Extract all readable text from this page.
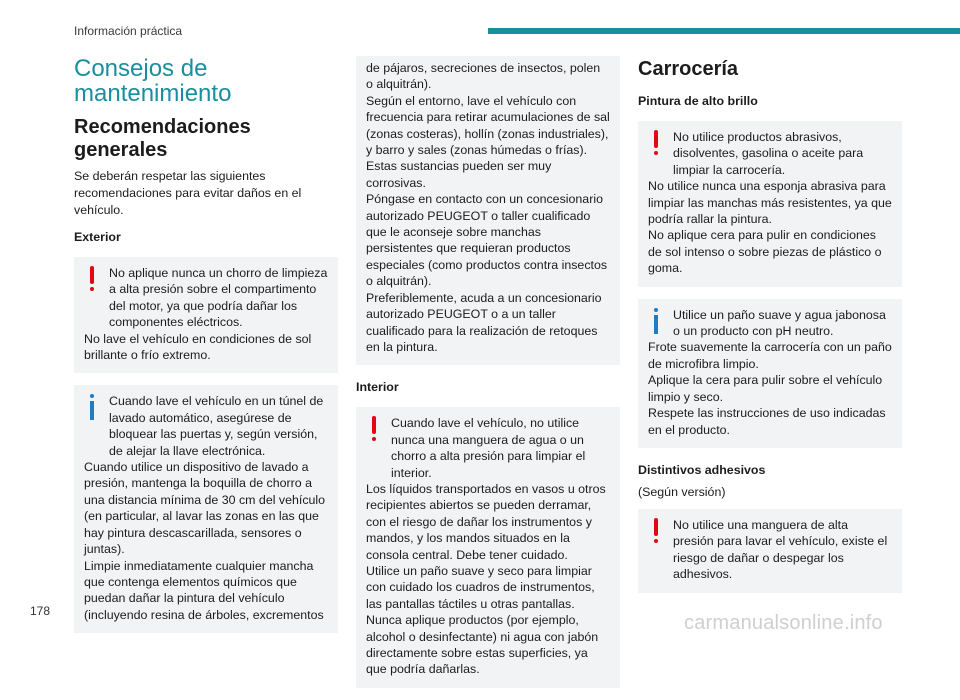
Información práctica
Consejos de mantenimiento
Recomendaciones generales

Se deberán respetar las siguientes recomendaciones para evitar daños en el vehículo.

Exterior

No aplique nunca un chorro de limpieza a alta presión sobre el compartimento del motor, ya que podría dañar los componentes eléctricos.

No lave el vehículo en condiciones de sol brillante o frío extremo.

Cuando lave el vehículo en un túnel de lavado automático, asegúrese de bloquear las puertas y, según versión, de alejar la llave electrónica.

Cuando utilice un dispositivo de lavado a presión, mantenga la boquilla de chorro a una distancia mínima de 30 cm del vehículo (en particular, al lavar las zonas en las que hay pintura descascarillada, sensores o juntas).

Limpie inmediatamente cualquier mancha que contenga elementos químicos que puedan dañar la pintura del vehículo (incluyendo resina de árboles, excrementos

de pájaros, secreciones de insectos, polen o alquitrán).

Según el entorno, lave el vehículo con frecuencia para retirar acumulaciones de sal (zonas costeras), hollín (zonas industriales), y barro y sales (zonas húmedas o frías). Estas sustancias pueden ser muy corrosivas.

Póngase en contacto con un concesionario autorizado PEUGEOT o taller cualificado que le aconseje sobre manchas persistentes que requieran productos especiales (como productos contra insectos o alquitrán).

Preferiblemente, acuda a un concesionario autorizado PEUGEOT o a un taller cualificado para la realización de retoques en la pintura.

Interior

Cuando lave el vehículo, no utilice nunca una manguera de agua o un chorro a alta presión para limpiar el interior.

Los líquidos transportados en vasos u otros recipientes abiertos se pueden derramar, con el riesgo de dañar los instrumentos y mandos, y los mandos situados en la consola central. Debe tener cuidado.

Utilice un paño suave y seco para limpiar con cuidado los cuadros de instrumentos, las pantallas táctiles u otras pantallas.

Nunca aplique productos (por ejemplo, alcohol o desinfectante) ni agua con jabón directamente sobre estas superficies, ya que podría dañarlas.

Carrocería
Pintura de alto brillo

No utilice productos abrasivos, disolventes, gasolina o aceite para limpiar la carrocería.

No utilice nunca una esponja abrasiva para limpiar las manchas más resistentes, ya que podría rallar la pintura.

No aplique cera para pulir en condiciones de sol intenso o sobre piezas de plástico o goma.

Utilice un paño suave y agua jabonosa o un producto con pH neutro.

Frote suavemente la carrocería con un paño de microfibra limpio.

Aplique la cera para pulir sobre el vehículo limpio y seco.

Respete las instrucciones de uso indicadas en el producto.

Distintivos adhesivos

(Según versión)

No utilice una manguera de alta presión para lavar el vehículo, existe el riesgo de dañar o despegar los adhesivos.

178
carmanualsonline.info
